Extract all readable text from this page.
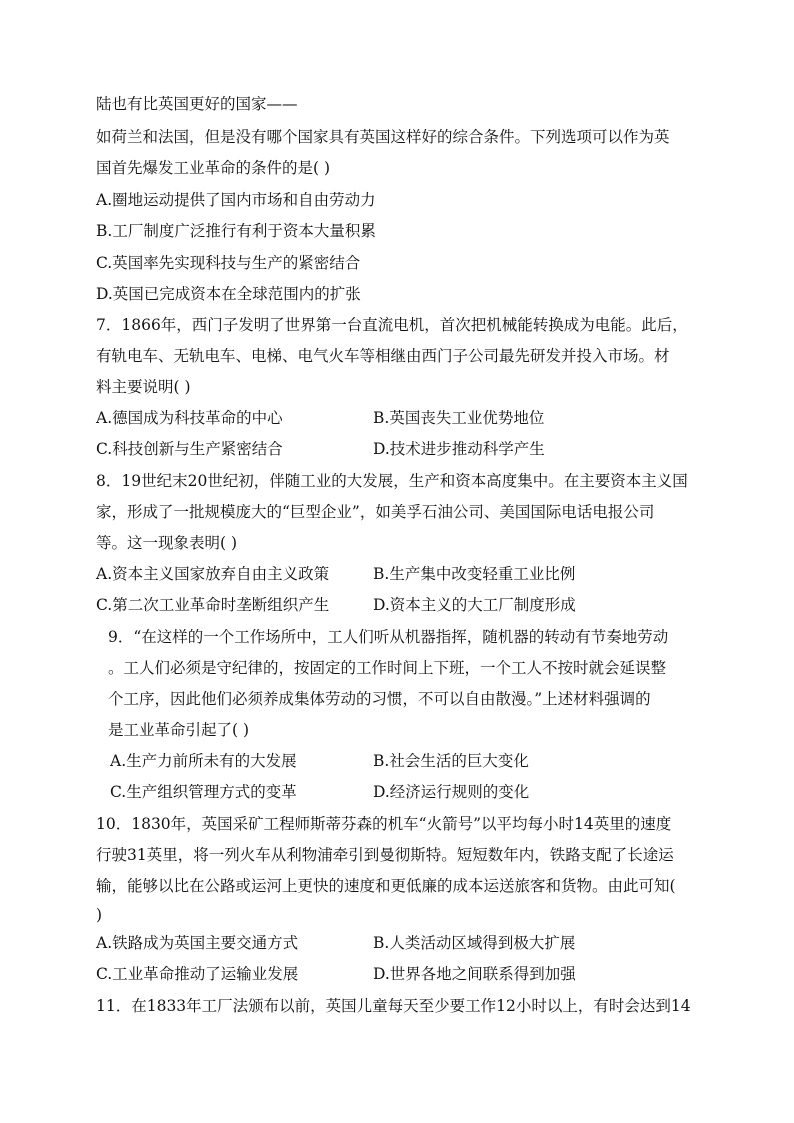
陆也有比英国更好的国家——
如荷兰和法国，但是没有哪个国家具有英国这样好的综合条件。下列选项可以作为英
国首先爆发工业革命的条件的是( )
A.圈地运动提供了国内市场和自由劳动力
B.工厂制度广泛推行有利于资本大量积累
C.英国率先实现科技与生产的紧密结合
D.英国已完成资本在全球范围内的扩张
7．1866年，西门子发明了世界第一台直流电机，首次把机械能转换成为电能。此后，
有轨电车、无轨电车、电梯、电气火车等相继由西门子公司最先研发并投入市场。材
料主要说明( )
A.德国成为科技革命的中心	B.英国丧失工业优势地位
C.科技创新与生产紧密结合	D.技术进步推动科学产生
8．19世纪末20世纪初，伴随工业的大发展，生产和资本高度集中。在主要资本主义国
家，形成了一批规模庞大的“巨型企业”，如美孚石油公司、美国国际电话电报公司
等。这一现象表明( )
A.资本主义国家放弃自由主义政策	B.生产集中改变轻重工业比例
C.第二次工业革命时垄断组织产生	D.资本主义的大工厂制度形成
9．“在这样的一个工作场所中，工人们听从机器指挥，随机器的转动有节奏地劳动
。工人们必须是守纪律的，按固定的工作时间上下班，一个工人不按时就会延误整
个工序，因此他们必须养成集体劳动的习惯，不可以自由散漫。”上述材料强调的
是工业革命引起了( )
A.生产力前所未有的大发展	B.社会生活的巨大变化
C.生产组织管理方式的变革	D.经济运行规则的变化
10．1830年，英国采矿工程师斯蒂芬森的机车“火箭号”以平均每小时14英里的速度
行驶31英里，将一列火车从利物浦牵引到曼彻斯特。短短数年内，铁路支配了长途运
输，能够以比在公路或运河上更快的速度和更低廉的成本运送旅客和货物。由此可知(
)
A.铁路成为英国主要交通方式	B.人类活动区域得到极大扩展
C.工业革命推动了运输业发展	D.世界各地之间联系得到加强
11．在1833年工厂法颁布以前，英国儿童每天至少要工作12小时以上，有时会达到14
